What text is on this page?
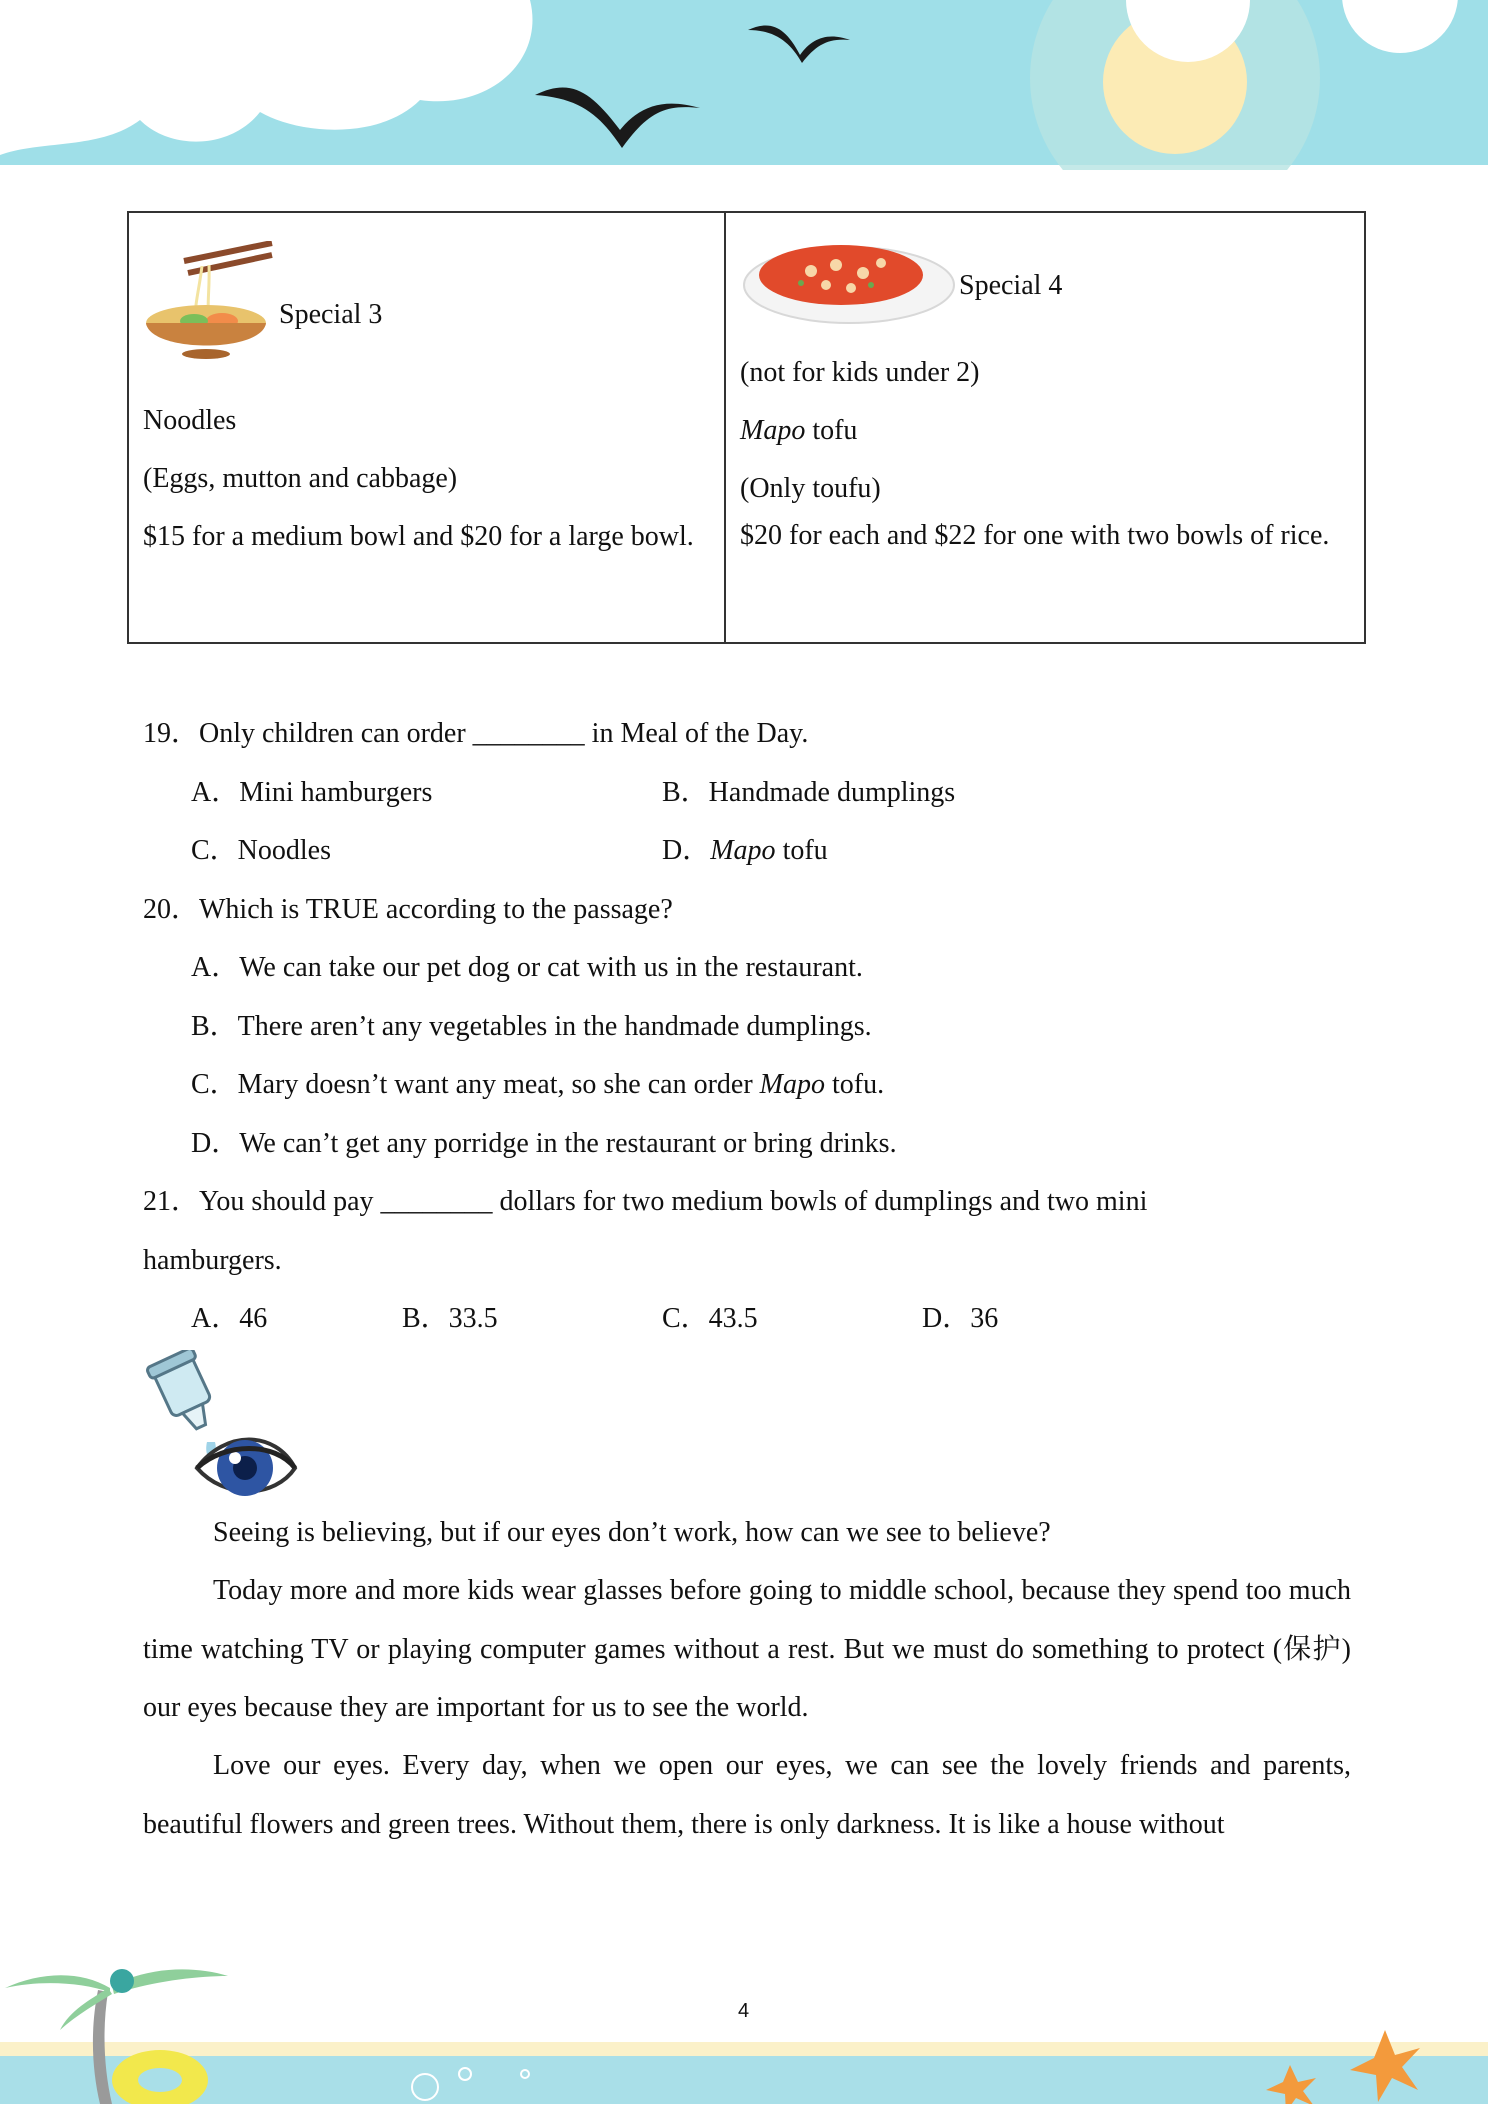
Special 3
Noodles
(Eggs, mutton and cabbage)
$15 for a medium bowl and $20 for a large bowl.

Special 4
(not for kids under 2)
Mapo tofu
(Only toufu)
$20 for each and $22 for one with two bowls of rice.
19．Only children can order ________ in Meal of the Day.
A．Mini hamburgers	B．Handmade dumplings
C．Noodles	D．Mapo tofu
20．Which is TRUE according to the passage?
A．We can take our pet dog or cat with us in the restaurant.
B．There aren’t any vegetables in the handmade dumplings.
C．Mary doesn’t want any meat, so she can order Mapo tofu.
D．We can’t get any porridge in the restaurant or bring drinks.
21．You should pay ________ dollars for two medium bowls of dumplings and two mini
hamburgers.
A．46	B．33.5	C．43.5	D．36
Seeing is believing, but if our eyes don’t work, how can we see to believe?
Today more and more kids wear glasses before going to middle school, because they spend too much time watching TV or playing computer games without a rest. But we must do something to protect (保护) our eyes because they are important for us to see the world.
Love our eyes. Every day, when we open our eyes, we can see the lovely friends and parents, beautiful flowers and green trees. Without them, there is only darkness. It is like a house without
4
